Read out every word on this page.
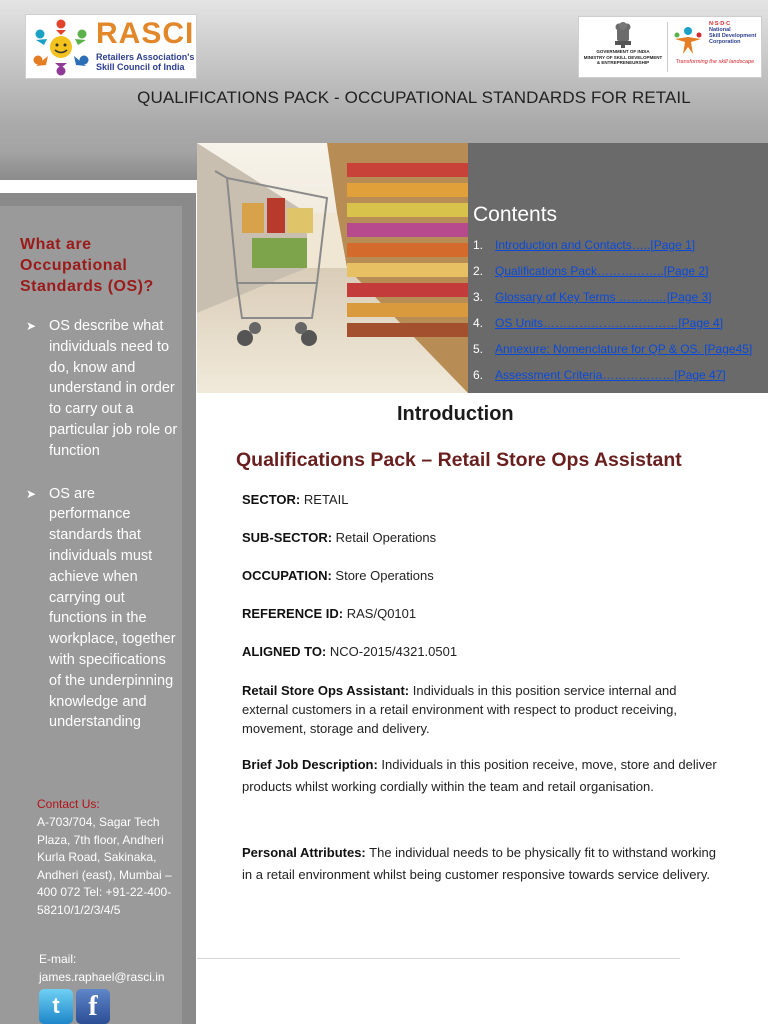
RASCI
Retailers Association's
Skill Council of India
GOVERNMENT OF INDIA
MINISTRY OF SKILL DEVELOPMENT
& ENTREPRENEURSHIP
N·S·D·C
National
Skill Development
Corporation
Transforming the skill landscape
QUALIFICATIONS PACK - OCCUPATIONAL STANDARDS FOR RETAIL
Contents
1. Introduction and Contacts…..[Page 1]
2. Qualifications Pack……………..[Page 2]
3. Glossary of Key Terms …………[Page 3]
4. OS Units………………….…………[Page 4]
5. Annexure: Nomenclature for QP & OS. [Page45]
6. Assessment Criteria………………[Page 47]
What are Occupational Standards (OS)?
➤ OS describe what individuals need to do, know and understand in order to carry out a particular job role or function
➤ OS are performance standards that individuals must achieve when carrying out functions in the workplace, together with specifications of the underpinning knowledge and understanding
Contact Us:
A-703/704, Sagar Tech Plaza, 7th floor, Andheri Kurla Road, Sakinaka, Andheri (east), Mumbai – 400 072 Tel: +91-22-400-58210/1/2/3/4/5
E-mail:
james.raphael@rasci.in
t	f
Introduction
Qualifications Pack – Retail Store Ops Assistant
SECTOR: RETAIL
SUB-SECTOR: Retail Operations
OCCUPATION: Store Operations
REFERENCE ID: RAS/Q0101
ALIGNED TO: NCO-2015/4321.0501
Retail Store Ops Assistant: Individuals in this position service internal and external customers in a retail environment with respect to product receiving, movement, storage and delivery.
Brief Job Description: Individuals in this position receive, move, store and deliver products whilst working cordially within the team and retail organisation.
Personal Attributes: The individual needs to be physically fit to withstand working in a retail environment whilst being customer responsive towards service delivery.
